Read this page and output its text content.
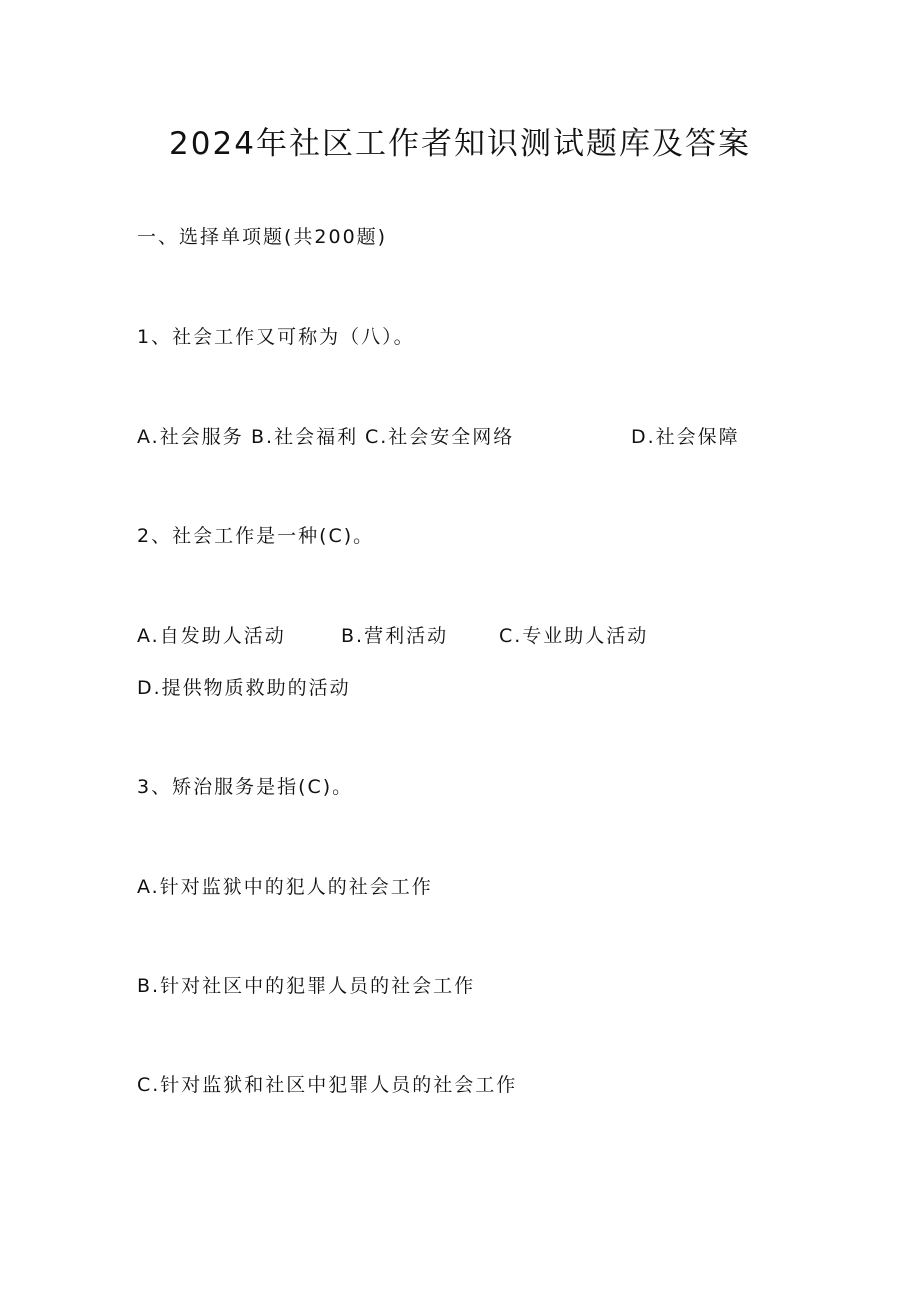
2024年社区工作者知识测试题库及答案

一、选择单项题(共200题)

1、社会工作又可称为（八）。

A.社会服务 B.社会福利 C.社会安全网络	D.社会保障

2、社会工作是一种(C)。

A.自发助人活动	B.营利活动	C.专业助人活动
D.提供物质救助的活动

3、矫治服务是指(C)。

A.针对监狱中的犯人的社会工作

B.针对社区中的犯罪人员的社会工作

C.针对监狱和社区中犯罪人员的社会工作
